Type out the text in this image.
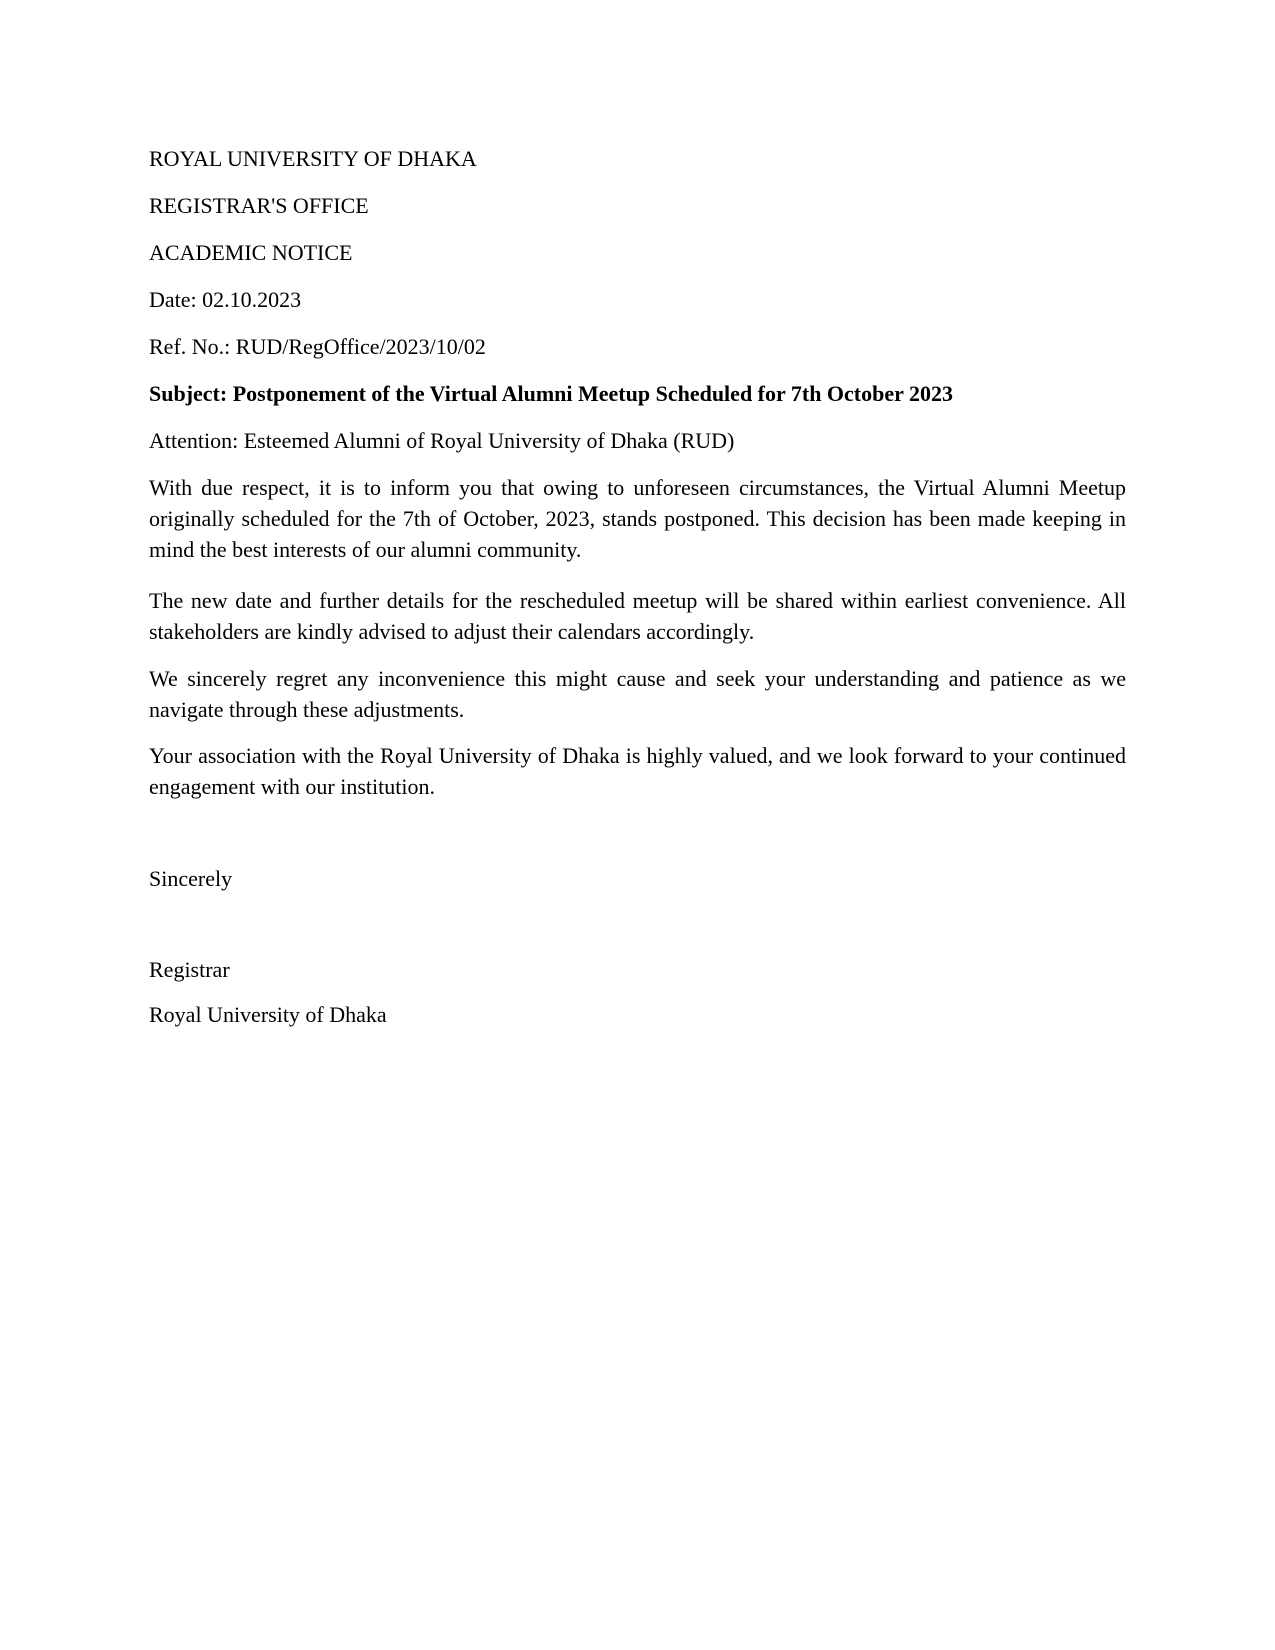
ROYAL UNIVERSITY OF DHAKA

REGISTRAR'S OFFICE

ACADEMIC NOTICE

Date: 02.10.2023

Ref. No.: RUD/RegOffice/2023/10/02

Subject: Postponement of the Virtual Alumni Meetup Scheduled for 7th October 2023

Attention: Esteemed Alumni of Royal University of Dhaka (RUD)

With due respect, it is to inform you that owing to unforeseen circumstances, the Virtual Alumni Meetup originally scheduled for the 7th of October, 2023, stands postponed. This decision has been made keeping in mind the best interests of our alumni community.

The new date and further details for the rescheduled meetup will be shared within earliest convenience. All stakeholders are kindly advised to adjust their calendars accordingly.

We sincerely regret any inconvenience this might cause and seek your understanding and patience as we navigate through these adjustments.

Your association with the Royal University of Dhaka is highly valued, and we look forward to your continued engagement with our institution.

Sincerely

Registrar

Royal University of Dhaka
